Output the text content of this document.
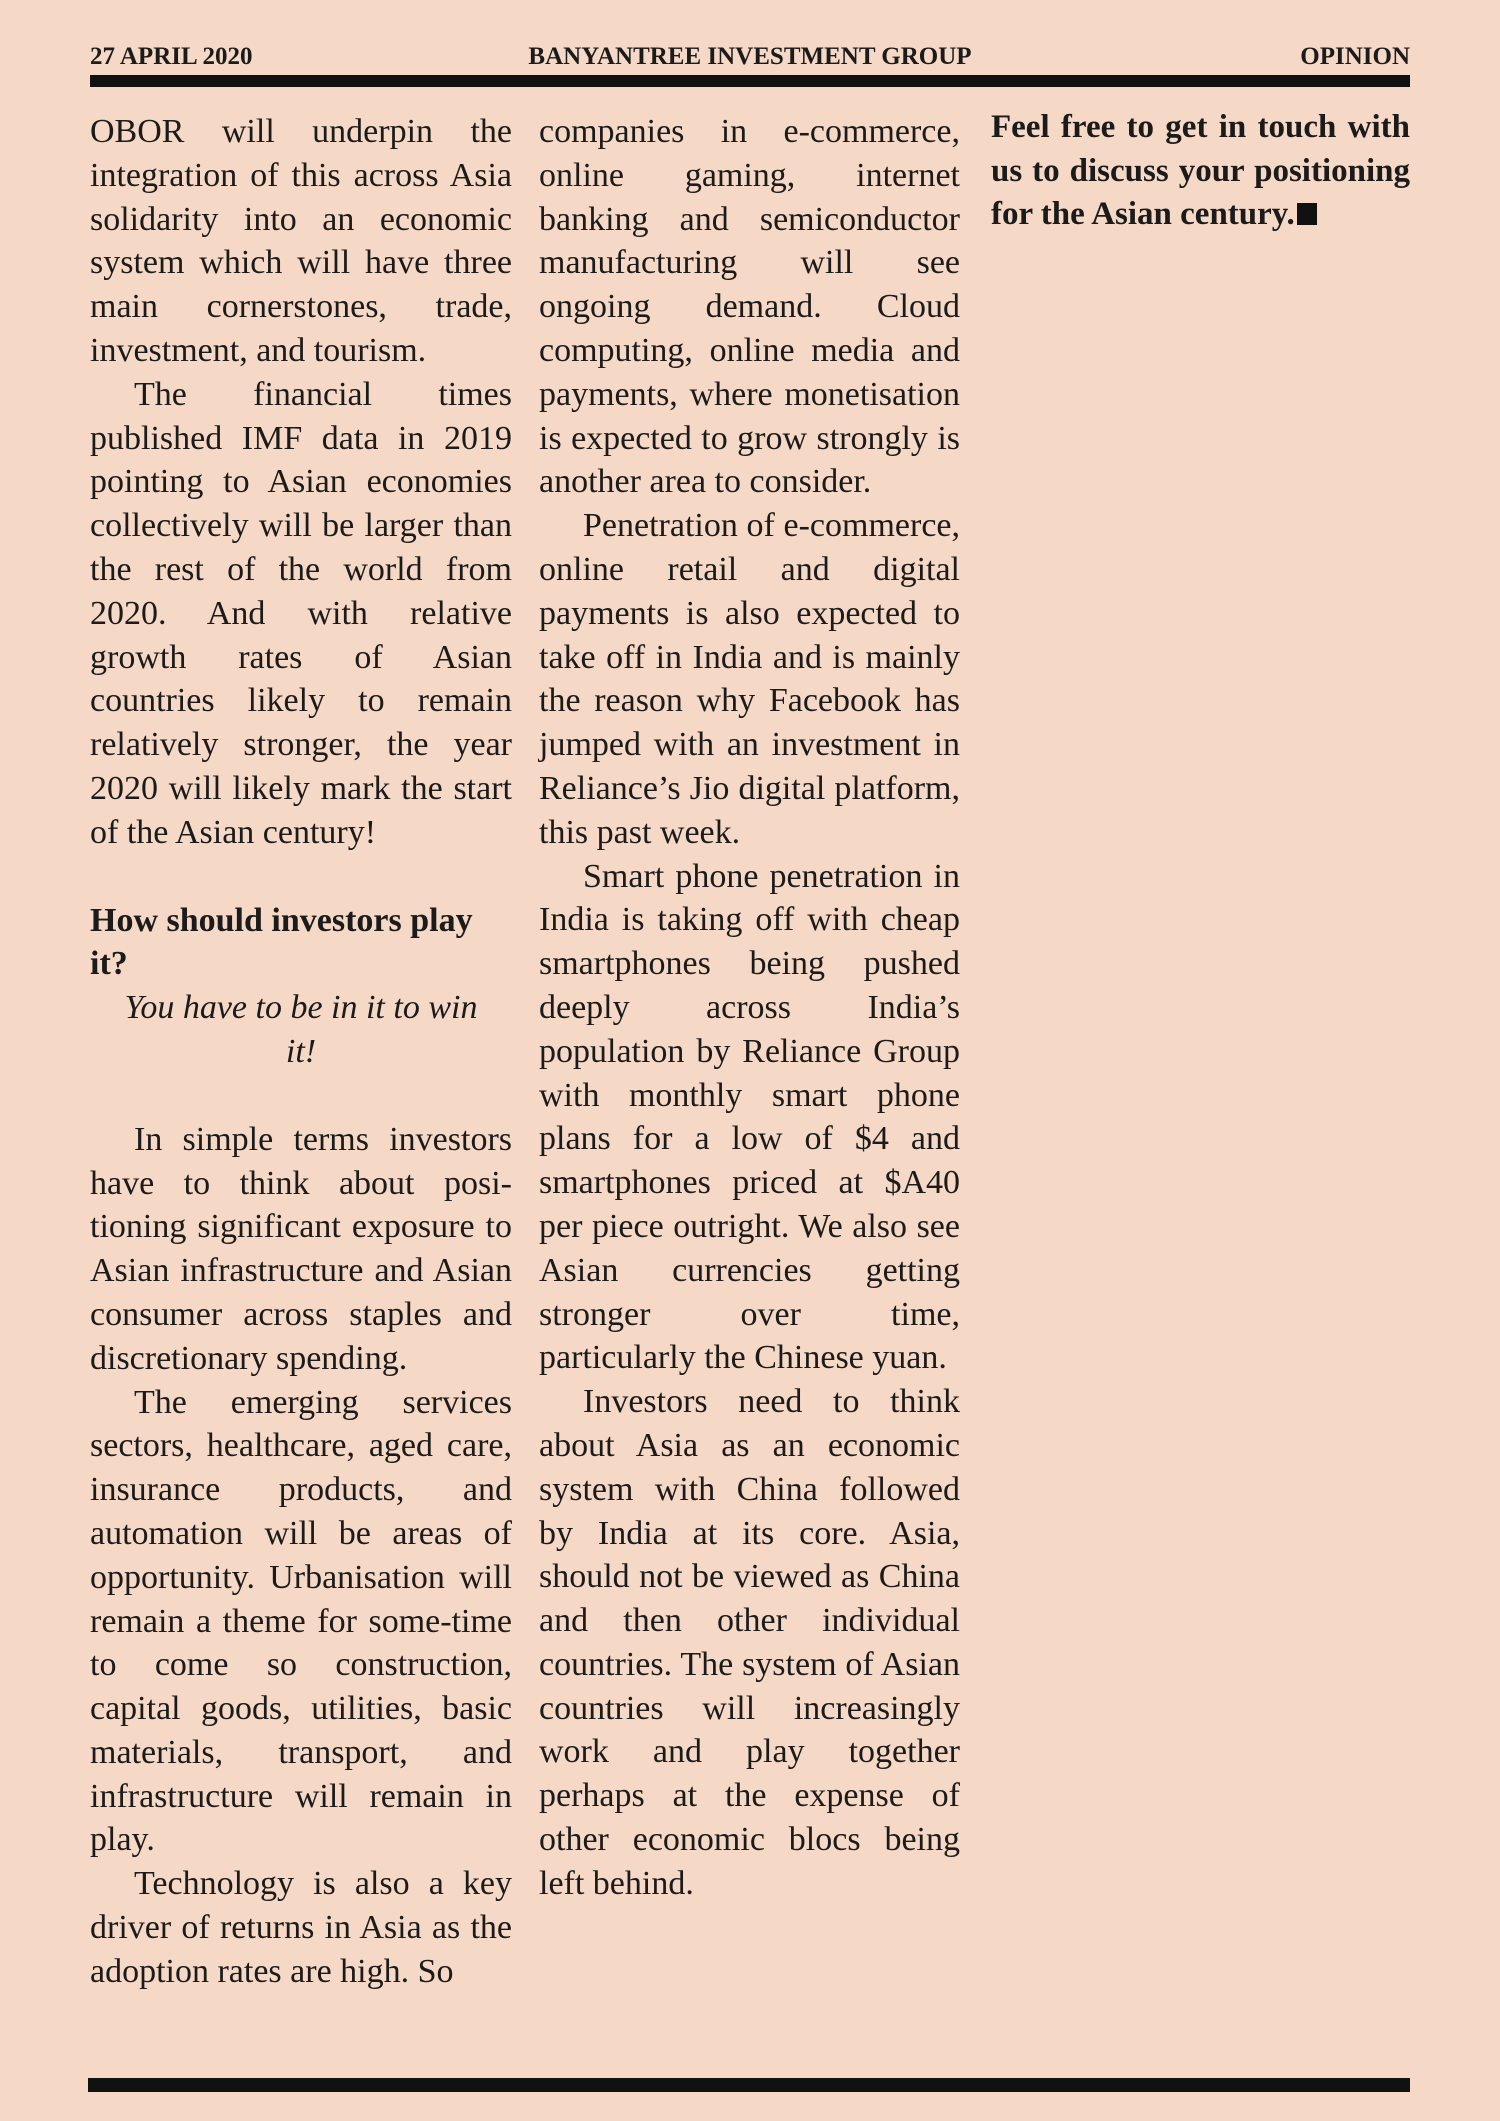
27 APRIL 2020	BANYANTREE INVESTMENT GROUP	OPINION

OBOR will underpin the integration of this across Asia solidarity into an economic system which will have three main cornerstones, trade, investment, and tourism.

The financial times published IMF data in 2019 pointing to Asian economies collectively will be larger than the rest of the world from 2020. And with relative growth rates of Asian countries likely to remain relatively stronger, the year 2020 will likely mark the start of the Asian century!

How should investors play it?

You have to be in it to win it!

In simple terms investors have to think about positioning significant exposure to Asian infrastructure and Asian consumer across staples and discretionary spending.

The emerging services sectors, healthcare, aged care, insurance products, and automation will be areas of opportunity. Urbanisation will remain a theme for some-time to come so construction, capital goods, utilities, basic materials, transport, and infrastructure will remain in play.

Technology is also a key driver of returns in Asia as the adoption rates are high. So

companies in e-commerce, online gaming, internet banking and semiconductor manufacturing will see ongoing demand. Cloud computing, online media and payments, where monetisation is expected to grow strongly is another area to consider.

Penetration of e-commerce, online retail and digital payments is also expected to take off in India and is mainly the reason why Facebook has jumped with an investment in Reliance’s Jio digital platform, this past week.

Smart phone penetration in India is taking off with cheap smartphones being pushed deeply across India’s population by Reliance Group with monthly smart phone plans for a low of $4 and smartphones priced at $A40 per piece outright. We also see Asian currencies getting stronger over time, particularly the Chinese yuan.

Investors need to think about Asia as an economic system with China followed by India at its core. Asia, should not be viewed as China and then other individual countries. The system of Asian countries will increasingly work and play together perhaps at the expense of other economic blocs being left behind.

Feel free to get in touch with us to discuss your positioning for the Asian century.
